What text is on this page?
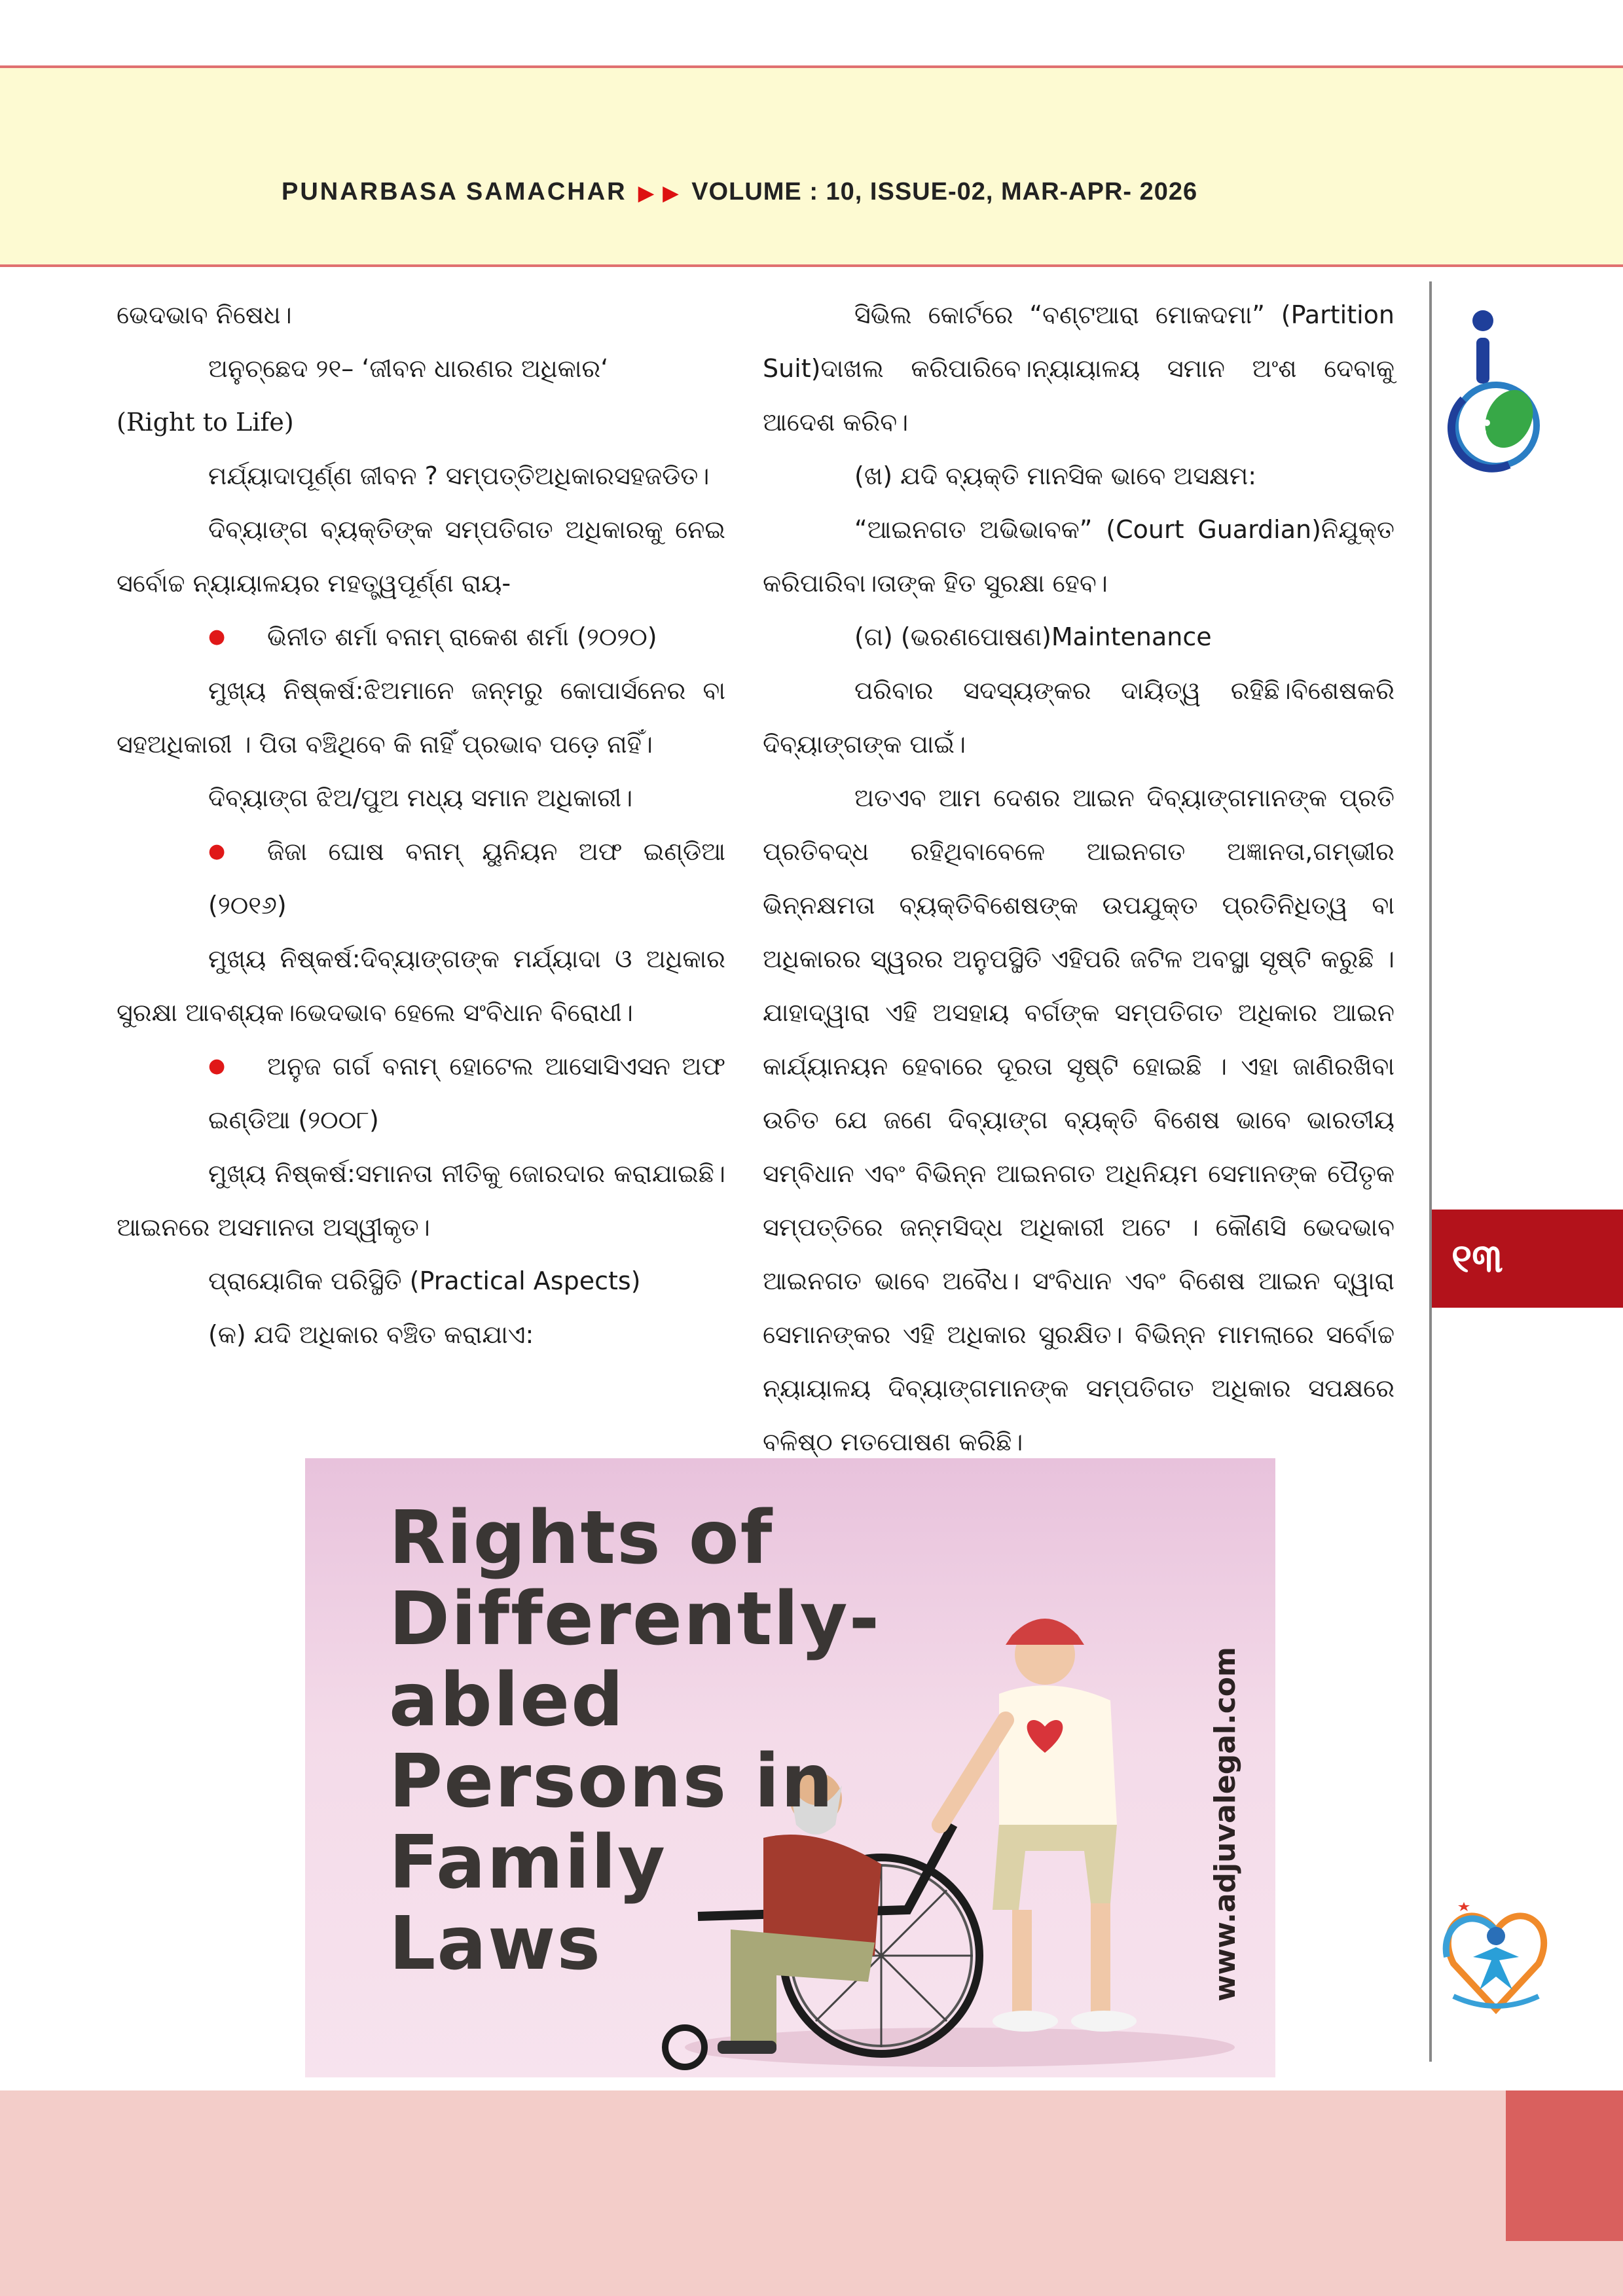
PUNARBASA SAMACHAR ▶ ▶ VOLUME : 10, ISSUE-02, MAR-APR- 2026

ଭେଦଭାବ ନିଷେଧ।

ଅନୁଚ୍ଛେଦ ୨୧– ‘ଜୀବନ ଧାରଣର ଅଧିକାର‘

(Right to Life)

ମର୍ଯ୍ୟାଦାପୂର୍ଣ୍ଣ ଜୀବନ ? ସମ୍ପତ୍ତିଅଧିକାରସହଜଡିତ।

ଦିବ୍ୟାଙ୍ଗ ବ୍ୟକ୍ତିଙ୍କ ସମ୍ପତିଗତ ଅଧିକାରକୁ ନେଇ ସର୍ବୋଚ୍ଚ ନ୍ୟାୟାଳୟର ମହତ୍ତ୍ୱପୂର୍ଣ୍ଣ ରାୟ-

● ଭିନୀତ ଶର୍ମା ବନାମ୍ ରାକେଶ ଶର୍ମା (୨୦୨୦)

ମୁଖ୍ୟ ନିଷ୍କର୍ଷ:ଝିଅମାନେ ଜନ୍ମରୁ କୋପାର୍ସନେର ବା ସହଅଧିକାରୀ । ପିତା ବଞ୍ଚିଥିବେ କି ନାହିଁ ପ୍ରଭାବ ପଡ଼େ ନାହିଁ।

ଦିବ୍ୟାଙ୍ଗ ଝିଅ/ପୁଅ ମଧ୍ୟ ସମାନ ଅଧିକାରୀ।

● ଜିଜା ଘୋଷ ବନାମ୍ ୟୁନିୟନ ଅଫ ଇଣ୍ଡିଆ (୨୦୧୬)

ମୁଖ୍ୟ ନିଷ୍କର୍ଷ:ଦିବ୍ୟାଙ୍ଗଙ୍କ ମର୍ଯ୍ୟାଦା ଓ ଅଧିକାର ସୁରକ୍ଷା ଆବଶ୍ୟକ।ଭେଦଭାବ ହେଲେ ସଂବିଧାନ ବିରୋଧୀ।

● ଅନୁଜ ଗର୍ଗ ବନାମ୍ ହୋଟେଲ ଆସୋସିଏସନ ଅଫ ଇଣ୍ଡିଆ (୨୦୦୮)

ମୁଖ୍ୟ ନିଷ୍କର୍ଷ:ସମାନତା ନୀତିକୁ ଜୋରଦାର କରାଯାଇଛି। ଆଇନରେ ଅସମାନତା ଅସ୍ୱୀକୃତ।

ପ୍ରାୟୋଗିକ ପରିସ୍ଥିତି (Practical Aspects)

(କ) ଯଦି ଅଧିକାର ବଞ୍ଚିତ କରାଯାଏ:

ସିଭିଲ କୋର୍ଟରେ “ବଣ୍ଟଆରା ମୋକଦମା” (Partition Suit)ଦାଖଲ କରିପାରିବେ।ନ୍ୟାୟାଳୟ ସମାନ ଅଂଶ ଦେବାକୁ ଆଦେଶ କରିବ।

(ଖ) ଯଦି ବ୍ୟକ୍ତି ମାନସିକ ଭାବେ ଅସକ୍ଷମ:

“ଆଇନଗତ ଅଭିଭାବକ” (Court Guardian)ନିଯୁକ୍ତ କରିପାରିବା।ତାଙ୍କ ହିତ ସୁରକ୍ଷା ହେବ।

(ଗ) (ଭରଣପୋଷଣ)Maintenance

ପରିବାର ସଦସ୍ୟଙ୍କର ଦାୟିତ୍ୱ ରହିଛି।ବିଶେଷକରି ଦିବ୍ୟାଙ୍ଗଙ୍କ ପାଇଁ।

ଅତଏବ ଆମ ଦେଶର ଆଇନ ଦିବ୍ୟାଙ୍ଗମାନଙ୍କ ପ୍ରତି ପ୍ରତିବଦ୍ଧ ରହିଥିବାବେଳେ ଆଇନଗତ ଅଜ୍ଞାନତା,ଗମ୍ଭୀର ଭିନ୍ନକ୍ଷମତା ବ୍ୟକ୍ତିବିଶେଷଙ୍କ ଉପଯୁକ୍ତ ପ୍ରତିନିଧିତ୍ୱ ବା ଅଧିକାରର ସ୍ୱରର ଅନୁପସ୍ଥିତି ଏହିପରି ଜଟିଳ ଅବସ୍ଥା ସୃଷ୍ଟି କରୁଛି । ଯାହାଦ୍ୱାରା ଏହି ଅସହାୟ ବର୍ଗଙ୍କ ସମ୍ପତିଗତ ଅଧିକାର ଆଇନ କାର୍ଯ୍ୟାନୟନ ହେବାରେ ଦୂରତା ସୃଷ୍ଟି ହୋଇଛି । ଏହା ଜାଣିରଖିବା ଉଚିତ ଯେ ଜଣେ ଦିବ୍ୟାଙ୍ଗ ବ୍ୟକ୍ତି ବିଶେଷ ଭାବେ ଭାରତୀୟ ସମ୍ବିଧାନ ଏବଂ ବିଭିନ୍ନ ଆଇନଗତ ଅଧିନିୟମ ସେମାନଙ୍କ ପୈତୃକ ସମ୍ପତ୍ତିରେ ଜନ୍ମସିଦ୍ଧ ଅଧିକାରୀ ଅଟେ । କୌଣସି ଭେଦଭାବ ଆଇନଗତ ଭାବେ ଅବୈଧ। ସଂବିଧାନ ଏବଂ ବିଶେଷ ଆଇନ ଦ୍ୱାରା ସେମାନଙ୍କର ଏହି ଅଧିକାର ସୁରକ୍ଷିତ। ବିଭିନ୍ନ ମାମଲାରେ ସର୍ବୋଚ୍ଚ ନ୍ୟାୟାଳୟ ଦିବ୍ୟାଙ୍ଗମାନଙ୍କ ସମ୍ପତିଗତ ଅଧିକାର ସପକ୍ଷରେ ବଳିଷ୍ଠ ମତପୋଷଣ କରିଛି।

୧୩
Rights of
Differently-
abled
Persons in
Family
Laws	www.adjuvalegal.com
